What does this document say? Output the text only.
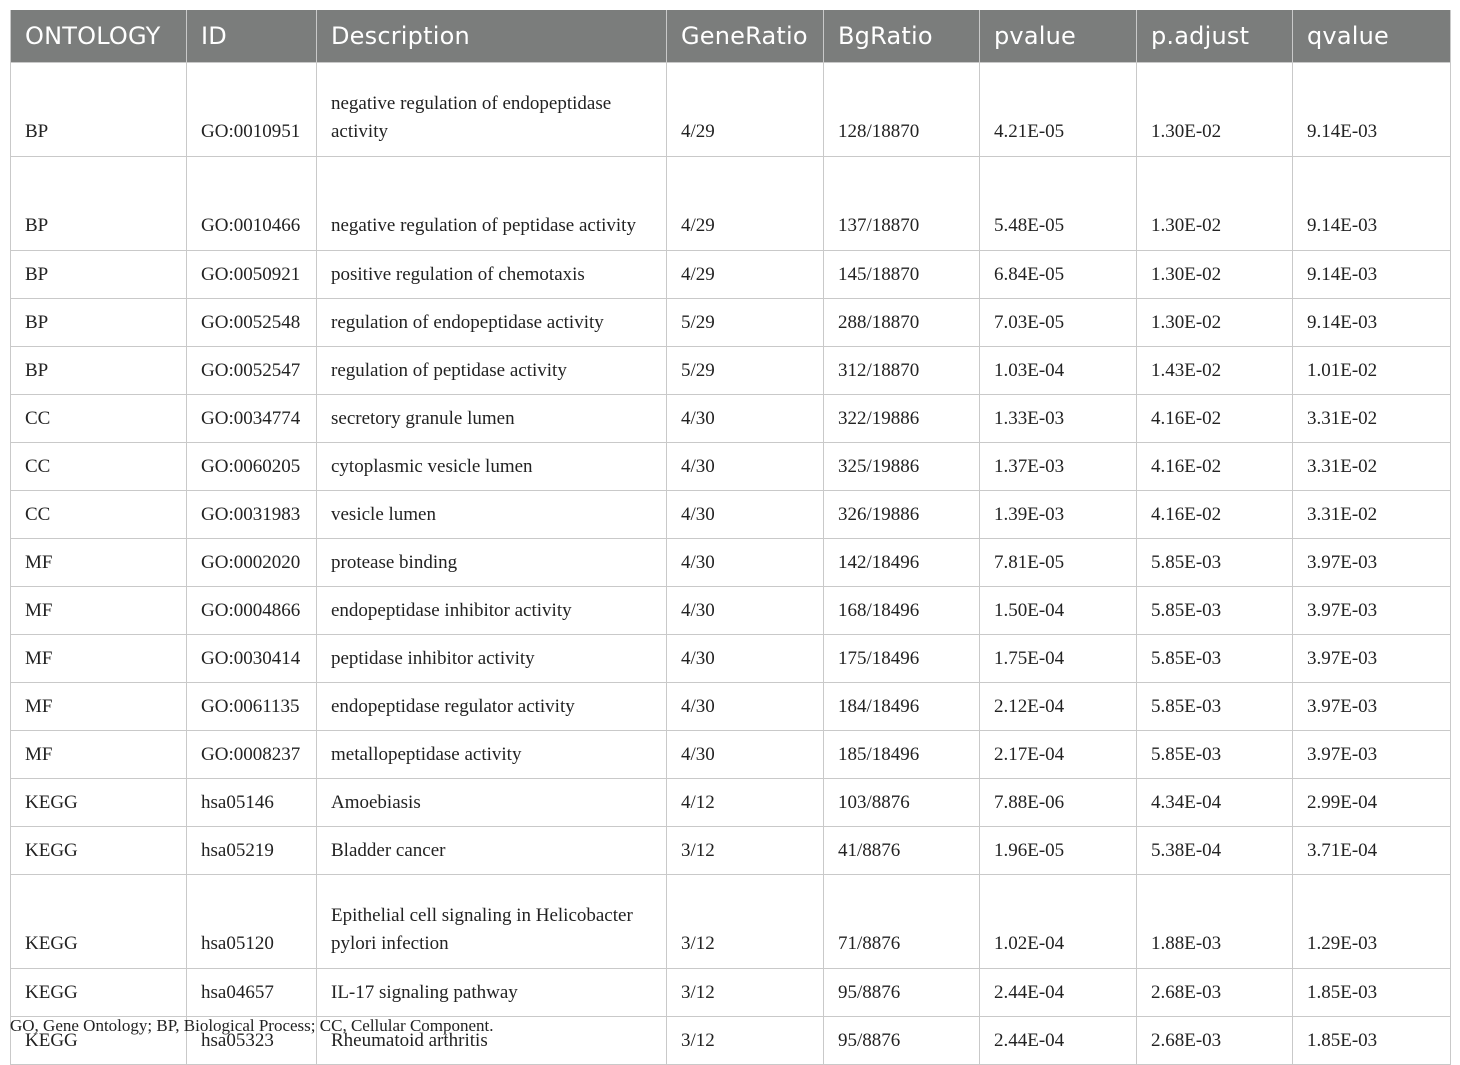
ONTOLOGY	ID	Description	GeneRatio	BgRatio	pvalue	p.adjust	qvalue
BP	GO:0010951	negative regulation of endopeptidase activity	4/29	128/18870	4.21E-05	1.30E-02	9.14E-03
BP	GO:0010466	negative regulation of peptidase activity	4/29	137/18870	5.48E-05	1.30E-02	9.14E-03
BP	GO:0050921	positive regulation of chemotaxis	4/29	145/18870	6.84E-05	1.30E-02	9.14E-03
BP	GO:0052548	regulation of endopeptidase activity	5/29	288/18870	7.03E-05	1.30E-02	9.14E-03
BP	GO:0052547	regulation of peptidase activity	5/29	312/18870	1.03E-04	1.43E-02	1.01E-02
CC	GO:0034774	secretory granule lumen	4/30	322/19886	1.33E-03	4.16E-02	3.31E-02
CC	GO:0060205	cytoplasmic vesicle lumen	4/30	325/19886	1.37E-03	4.16E-02	3.31E-02
CC	GO:0031983	vesicle lumen	4/30	326/19886	1.39E-03	4.16E-02	3.31E-02
MF	GO:0002020	protease binding	4/30	142/18496	7.81E-05	5.85E-03	3.97E-03
MF	GO:0004866	endopeptidase inhibitor activity	4/30	168/18496	1.50E-04	5.85E-03	3.97E-03
MF	GO:0030414	peptidase inhibitor activity	4/30	175/18496	1.75E-04	5.85E-03	3.97E-03
MF	GO:0061135	endopeptidase regulator activity	4/30	184/18496	2.12E-04	5.85E-03	3.97E-03
MF	GO:0008237	metallopeptidase activity	4/30	185/18496	2.17E-04	5.85E-03	3.97E-03
KEGG	hsa05146	Amoebiasis	4/12	103/8876	7.88E-06	4.34E-04	2.99E-04
KEGG	hsa05219	Bladder cancer	3/12	41/8876	1.96E-05	5.38E-04	3.71E-04
KEGG	hsa05120	Epithelial cell signaling in Helicobacter pylori infection	3/12	71/8876	1.02E-04	1.88E-03	1.29E-03
KEGG	hsa04657	IL-17 signaling pathway	3/12	95/8876	2.44E-04	2.68E-03	1.85E-03
KEGG	hsa05323	Rheumatoid arthritis	3/12	95/8876	2.44E-04	2.68E-03	1.85E-03
GO, Gene Ontology; BP, Biological Process; CC, Cellular Component.
